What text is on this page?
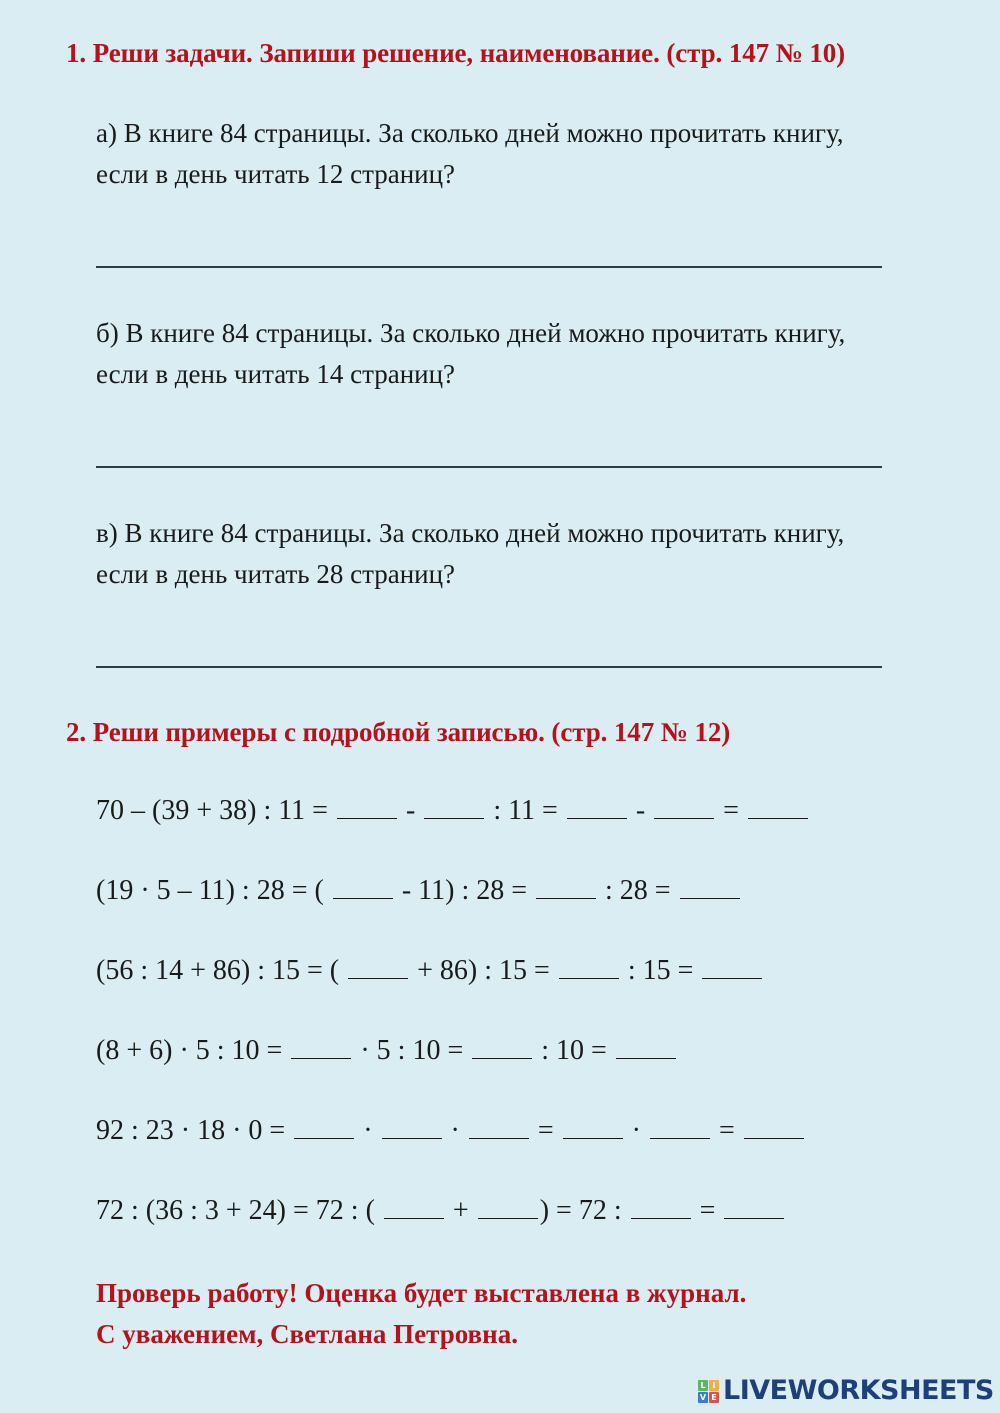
1. Реши задачи. Запиши решение, наименование. (стр. 147 № 10)
а) В книге 84 страницы. За сколько дней можно прочитать книгу,
если в день читать 12 страниц?
б) В книге 84 страницы. За сколько дней можно прочитать книгу,
если в день читать 14 страниц?
в) В книге 84 страницы. За сколько дней можно прочитать книгу,
если в день читать 28 страниц?
2. Реши примеры с подробной записью. (стр. 147 № 12)
70 – (39 + 38) : 11 =  -  : 11 =  -  =
(19 · 5 – 11) : 28 = (  - 11) : 28 =  : 28 =
(56 : 14 + 86) : 15 = (  + 86) : 15 =  : 15 =
(8 + 6) · 5 : 10 =  · 5 : 10 =  : 10 =
92 : 23 · 18 · 0 =  ·  ·  =  ·  =
72 : (36 : 3 + 24) = 72 : (  + ) = 72 :  =
Проверь работу! Оценка будет выставлена в журнал.
С уважением, Светлана Петровна.
L I
V E LIVEWORKSHEETS
